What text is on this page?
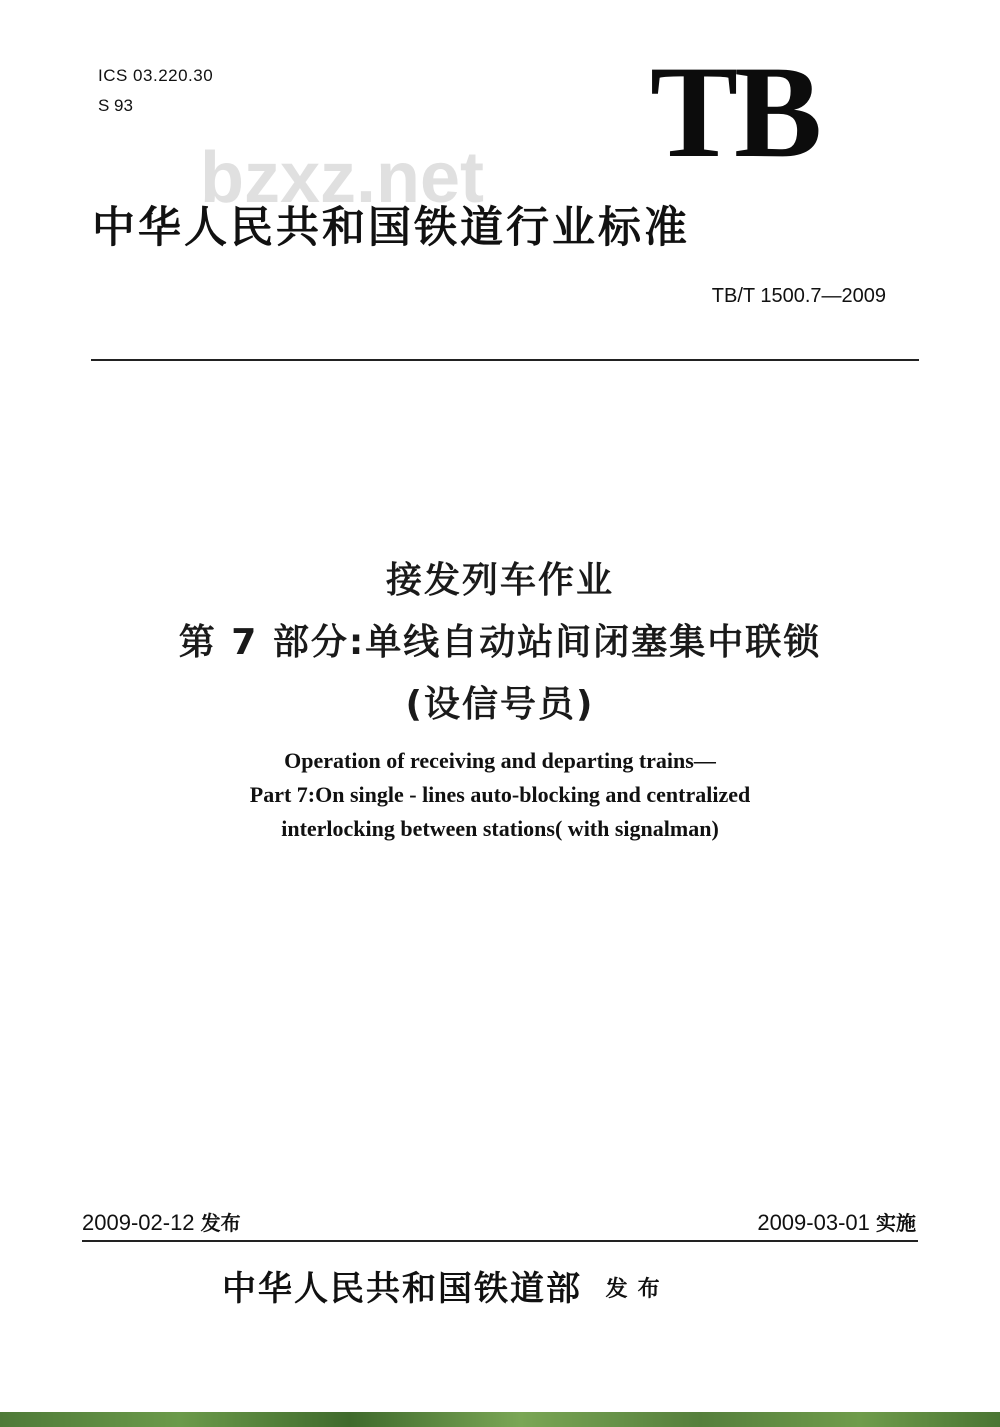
ICS 03.220.30
S 93	TB
bzxz.net
中华人民共和国铁道行业标准
TB/T 1500.7—2009
接发列车作业
第 7 部分:单线自动站间闭塞集中联锁
(设信号员)
Operation of receiving and departing trains—
Part 7:On single - lines auto-blocking and centralized
interlocking between stations( with signalman)
2009-02-12 发布	2009-03-01 实施
中华人民共和国铁道部 发布
